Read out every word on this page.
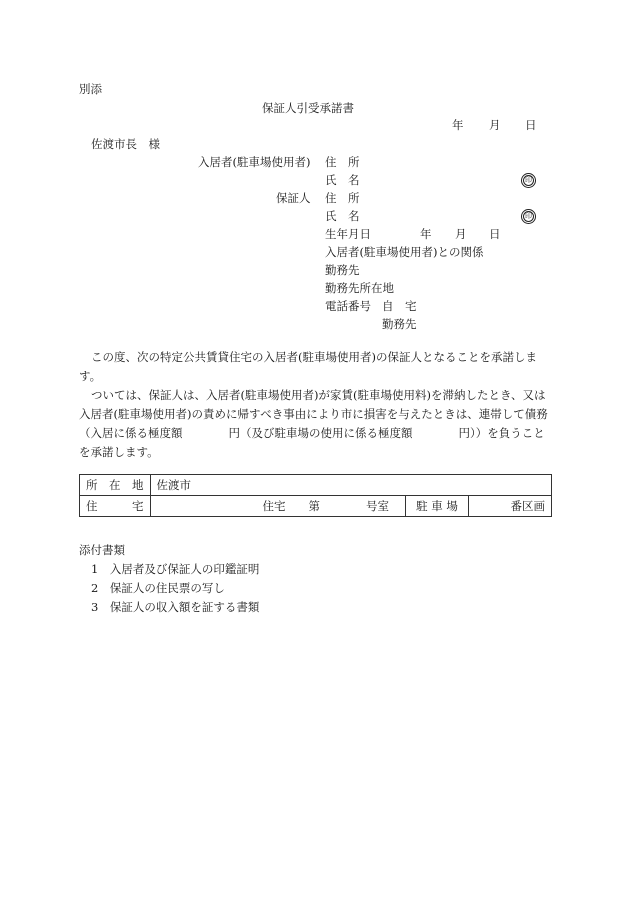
別添
保証人引受承諾書
年 月 日
佐渡市長　様
入居者(駐車場使用者) 住　所
氏　名	印
保証人 住　所
氏　名	印
生年月日	年 月 日
入居者(駐車場使用者)との関係
勤務先
勤務先所在地
電話番号 自　宅
勤務先
この度、次の特定公共賃貸住宅の入居者(駐車場使用者)の保証人となることを承諾します。
ついては、保証人は、入居者(駐車場使用者)が家賃(駐車場使用料)を滞納したとき、又は入居者(駐車場使用者)の責めに帰すべき事由により市に損害を与えたときは、連帯して債務（入居に係る極度額　　　　円（及び駐車場の使用に係る極度額　　　　円））を負うことを承諾します。
所　在　地	佐渡市		
住　　　宅	住宅　　第　　　　号室	駐 車 場	番区画
添付書類
1　 入居者及び保証人の印鑑証明
2　 保証人の住民票の写し
3　 保証人の収入額を証する書類
